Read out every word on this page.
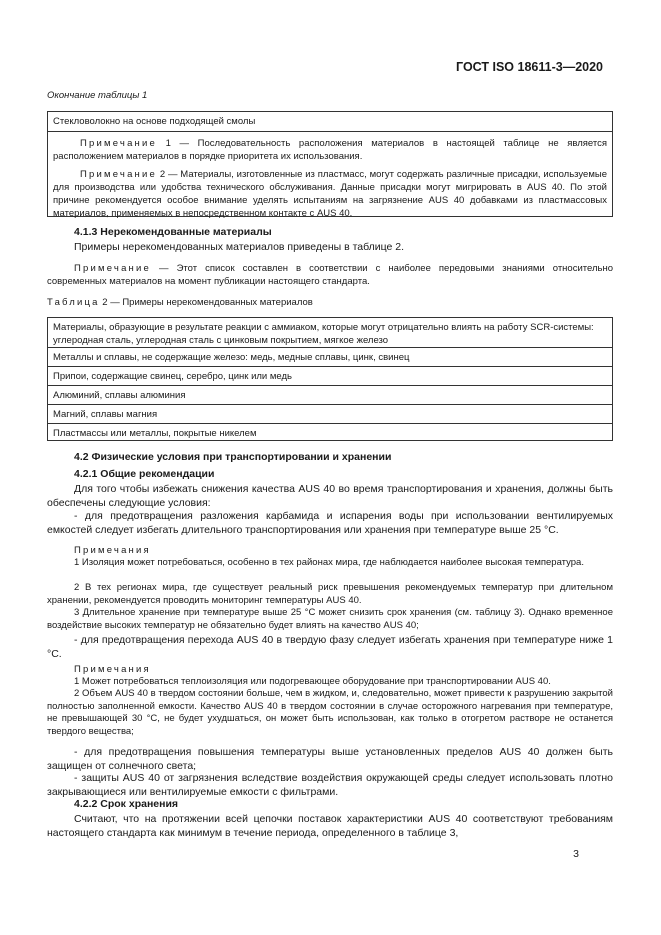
ГОСТ ISO 18611-3—2020
Окончание таблицы 1
Стекловолокно на основе подходящей смолы
Примечание 1 — Последовательность расположения материалов в настоящей таблице не является расположением материалов в порядке приоритета их использования.
Примечание 2 — Материалы, изготовленные из пластмасс, могут содержать различные присадки, используемые для производства или удобства технического обслуживания. Данные присадки могут мигрировать в AUS 40. По этой причине рекомендуется особое внимание уделять испытаниям на загрязнение AUS 40 добавками из пластмассовых материалов, применяемых в непосредственном контакте с AUS 40.
4.1.3 Нерекомендованные материалы
Примеры нерекомендованных материалов приведены в таблице 2.
Примечание — Этот список составлен в соответствии с наиболее передовыми знаниями относительно современных материалов на момент публикации настоящего стандарта.
Таблица 2 — Примеры нерекомендованных материалов
Материалы, образующие в результате реакции с аммиаком, которые могут отрицательно влиять на работу SCR-системы: углеродная сталь, углеродная сталь с цинковым покрытием, мягкое железо
Металлы и сплавы, не содержащие железо: медь, медные сплавы, цинк, свинец
Припои, содержащие свинец, серебро, цинк или медь
Алюминий, сплавы алюминия
Магний, сплавы магния
Пластмассы или металлы, покрытые никелем
4.2 Физические условия при транспортировании и хранении
4.2.1 Общие рекомендации
Для того чтобы избежать снижения качества AUS 40 во время транспортирования и хранения, должны быть обеспечены следующие условия:
- для предотвращения разложения карбамида и испарения воды при использовании вентилируемых емкостей следует избегать длительного транспортирования или хранения при температуре выше 25 °С.
Примечания
1 Изоляция может потребоваться, особенно в тех районах мира, где наблюдается наиболее высокая температура.
2 В тех регионах мира, где существует реальный риск превышения рекомендуемых температур при длительном хранении, рекомендуется проводить мониторинг температуры AUS 40.
3 Длительное хранение при температуре выше 25 °С может снизить срок хранения (см. таблицу 3). Однако временное воздействие высоких температур не обязательно будет влиять на качество AUS 40;
- для предотвращения перехода AUS 40 в твердую фазу следует избегать хранения при температуре ниже 1 °С.
Примечания
1 Может потребоваться теплоизоляция или подогревающее оборудование при транспортировании AUS 40.
2 Объем AUS 40 в твердом состоянии больше, чем в жидком, и, следовательно, может привести к разрушению закрытой полностью заполненной емкости. Качество AUS 40 в твердом состоянии в случае осторожного нагревания при температуре, не превышающей 30 °С, не будет ухудшаться, он может быть использован, как только в отогретом растворе не останется твердого вещества;
- для предотвращения повышения температуры выше установленных пределов AUS 40 должен быть защищен от солнечного света;
- защиты AUS 40 от загрязнения вследствие воздействия окружающей среды следует использовать плотно закрывающиеся или вентилируемые емкости с фильтрами.
4.2.2 Срок хранения
Считают, что на протяжении всей цепочки поставок характеристики AUS 40 соответствуют требованиям настоящего стандарта как минимум в течение периода, определенного в таблице 3,
3
